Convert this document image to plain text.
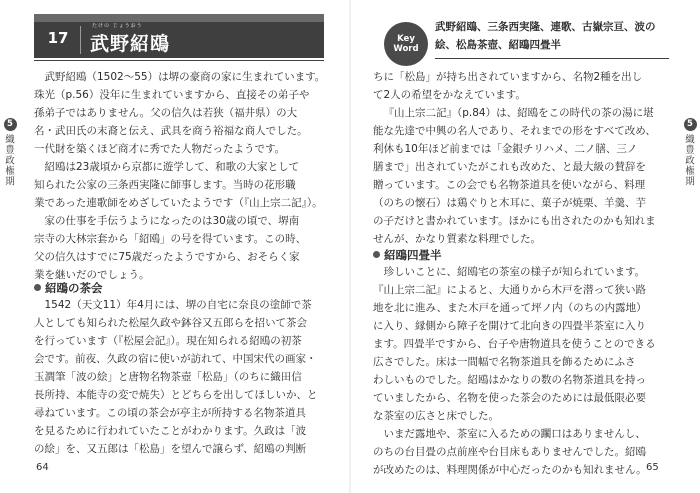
17
たけの じょうおう
武野紹鴎

武野紹鴎（1502～55）は堺の豪商の家に生まれています。

珠光（p.56）没年に生まれていますから、直接その弟子や

孫弟子ではありません。父の信久は若狭（福井県）の大

名・武田氏の末裔と伝え、武具を商う裕福な商人でした。

一代財を築くほど商才に秀でた人物だったようです。

紹鴎は23歳頃から京都に遊学して、和歌の大家として

知られた公家の三条西実隆に師事します。当時の花形職

業であった連歌師をめざしていたようです（『山上宗二記』）。

家の仕事を手伝うようになったのは30歳の頃で、堺南

宗寺の大林宗套から「紹鴎」の号を得ています。この時、

父の信久はすでに75歳だったようですから、おそらく家

業を継いだのでしょう。

紹鴎の茶会

1542（天文11）年4月には、堺の自宅に奈良の塗師で茶

人としても知られた松屋久政や鉢谷又五郎らを招いて茶会

を行っています（『松屋会記』）。現在知られる紹鴎の初茶

会です。前夜、久政の宿に使いが訪れて、中国宋代の画家・

玉澗筆「波の絵」と唐物名物茶壺「松島」（のちに織田信

長所持、本能寺の変で焼失）とどちらを出してほしいか、と

尋ねています。この頃の茶会が亭主が所持する名物茶道具

を見るために行われていたことがわかります。久政は「波

の絵」を、又五郎は「松島」を望んで譲らず、紹鴎の判断

5
織豊政権期
64
Key
Word
武野紹鴎、三条西実隆、連歌、古嶽宗亘、波の絵、松島茶壺、紹鴎四畳半

ちに「松島」が持ち出されていますから、名物2種を出し

て2人の希望をかなえています。

『山上宗二記』（p.84）は、紹鴎をこの時代の茶の湯に堪

能な先達で中興の名人であり、それまでの形をすべて改め、

利休も10年ほど前までは「金銀チリハメ、二ノ膳、三ノ

膳まで」出されていたがこれも改めた、と最大級の賛辞を

贈っています。この会でも名物茶道具を使いながら、料理

（のちの懐石）は鶏ぐりと木耳に、菓子が焼栗、羊羹、芋

の子だけと書かれています。ほかにも出されたのかも知れま

せんが、かなり質素な料理でした。

紹鴎四畳半

珍しいことに、紹鴎宅の茶室の様子が知られています。

『山上宗二記』によると、大通りから木戸を潜って狭い路

地を北に進み、また木戸を通って坪ノ内（のちの内露地）

に入り、縁側から障子を開けて北向きの四畳半茶室に入り

ます。四畳半ですから、台子や唐物道具を使うことのできる

広さでした。床は一間幅で名物茶道具を飾るためにふさ

わしいものでした。紹鴎はかなりの数の名物茶道具を持っ

ていましたから、名物を使った茶会のためには最低限必要

な茶室の広さと床でした。

いまだ露地や、茶室に入るための躙口はありませんし、

のちの台目畳の点前座や台目床もありませんでした。紹鴎

が改めたのは、料理関係が中心だったのかも知れません。

5
織豊政権期
65
